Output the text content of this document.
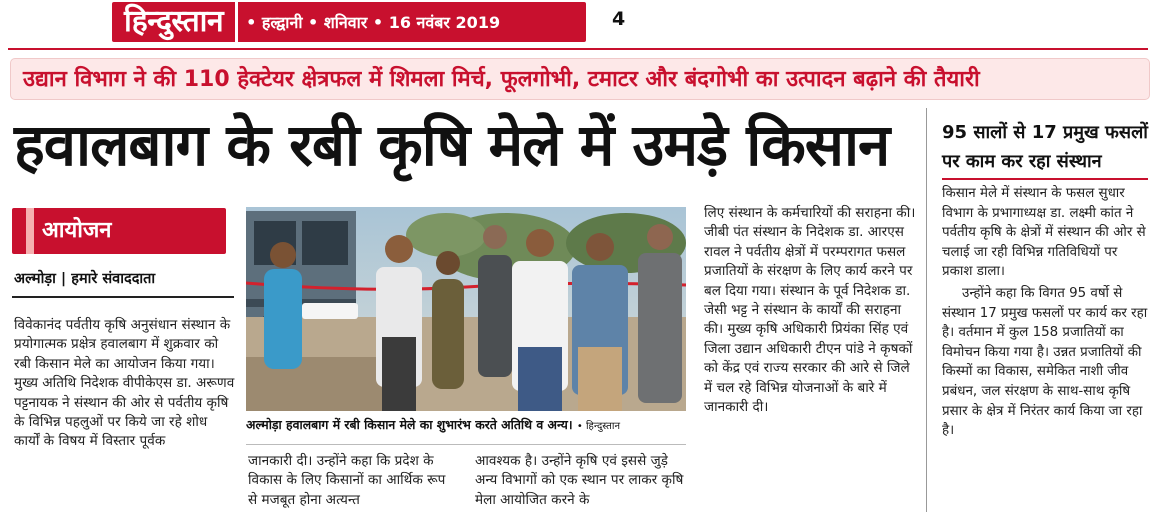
हिन्दुस्तान	• हल्द्वानी • शनिवार • 16 नवंबर 2019	4
उद्यान विभाग ने की 110 हेक्टेयर क्षेत्रफल में शिमला मिर्च, फूलगोभी, टमाटर और बंदगोभी का उत्पादन बढ़ाने की तैयारी
हवालबाग के रबी कृषि मेले में उमड़े किसान	95 सालों से 17 प्रमुख फसलों पर काम कर रहा संस्थान

किसान मेले में संस्थान के फसल सुधार विभाग के प्रभागाध्यक्ष डा. लक्ष्मी कांत ने पर्वतीय कृषि के क्षेत्रों में संस्थान की ओर से चलाई जा रही विभिन्न गतिविधियों पर प्रकाश डाला।

उन्होंने कहा कि विगत 95 वर्षो से संस्थान 17 प्रमुख फसलों पर कार्य कर रहा है। वर्तमान में कुल 158 प्रजातियों का विमोचन किया गया है। उन्नत प्रजातियों की किस्मों का विकास, समेकित नाशी जीव प्रबंधन, जल संरक्षण के साथ-साथ कृषि प्रसार के क्षेत्र में निरंतर कार्य किया जा रहा है।

आयोजन
अल्मोड़ा | हमारे संवाददाता

विवेकानंद पर्वतीय कृषि अनुसंधान संस्थान के प्रयोगात्मक प्रक्षेत्र हवालबाग में शुक्रवार को रबी किसान मेले का आयोजन किया गया। मुख्य अतिथि निदेशक वीपीकेएस डा. अरूणव पट्टनायक ने संस्थान की ओर से पर्वतीय कृषि के विभिन्न पहलुओं पर किये जा रहे शोध कार्यों के विषय में विस्तार पूर्वक

अल्मोड़ा हवालबाग में रबी किसान मेले का शुभारंभ करते अतिथि व अन्य। • हिन्दुस्तान

जानकारी दी। उन्होंने कहा कि प्रदेश के विकास के लिए किसानों का आर्थिक रूप से मजबूत होना अत्यन्त

आवश्यक है। उन्होंने कृषि एवं इससे जुड़े अन्य विभागों को एक स्थान पर लाकर कृषि मेला आयोजित करने के

लिए संस्थान के कर्मचारियों की सराहना की। जीबी पंत संस्थान के निदेशक डा. आरएस रावल ने पर्वतीय क्षेत्रों में परम्परागत फसल प्रजातियों के संरक्षण के लिए कार्य करने पर बल दिया गया। संस्थान के पूर्व निदेशक डा. जेसी भट्ट ने संस्थान के कार्यों की सराहना की। मुख्य कृषि अधिकारी प्रियंका सिंह एवं जिला उद्यान अधिकारी टीएन पांडे ने कृषकों को केंद्र एवं राज्य सरकार की आरे से जिले में चल रहे विभिन्न योजनाओं के बारे में जानकारी दी।
